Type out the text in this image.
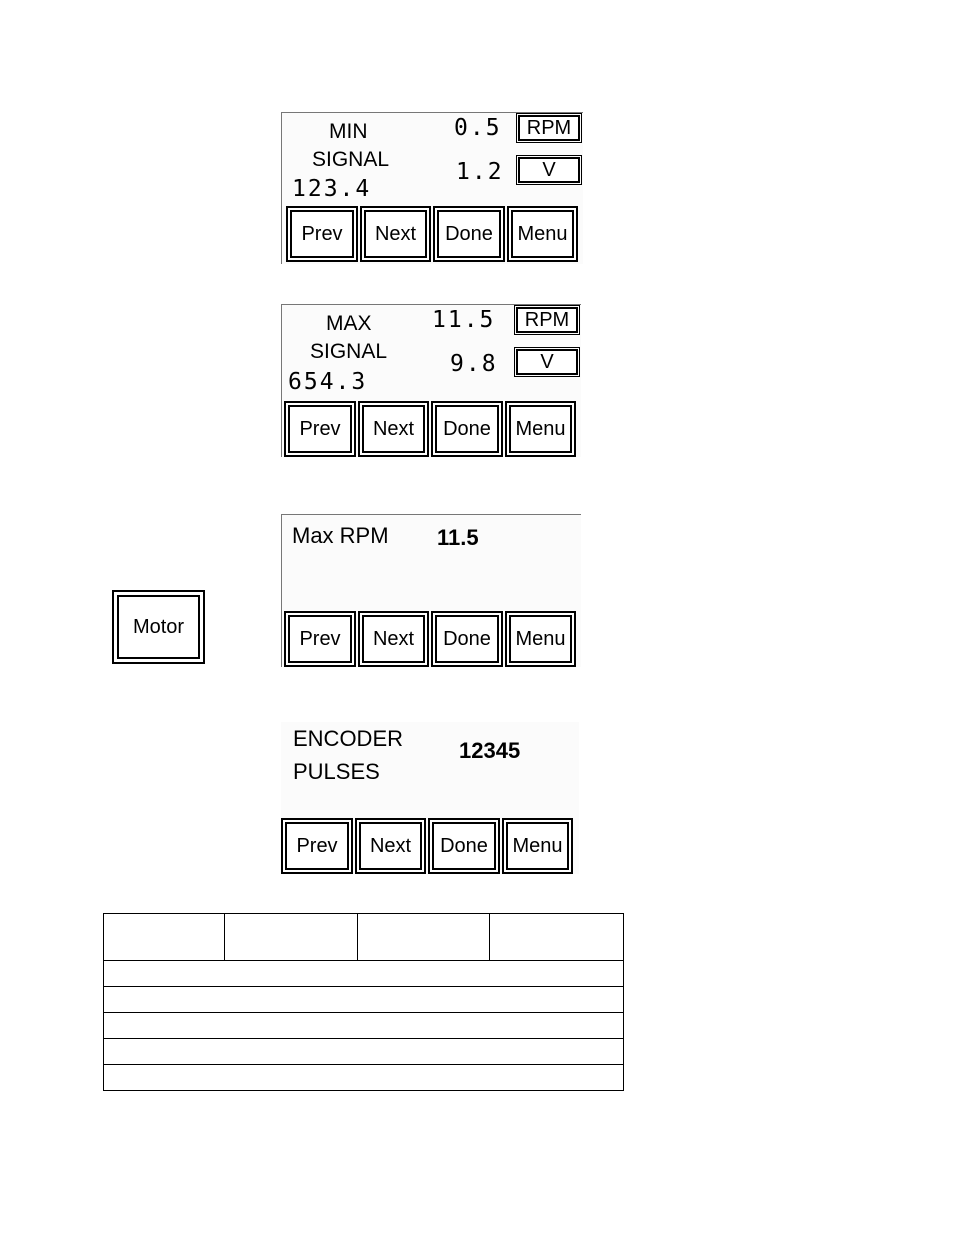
MIN
SIGNAL
123.4
0.5	RPM
1.2	V
Prev	Next	Done	Menu
MAX
SIGNAL
654.3
11.5	RPM
9.8	V
Prev	Next	Done	Menu
Max RPM 11.5
Prev	Next	Done	Menu
Motor
ENCODER
PULSES
12345
Prev	Next	Done	Menu
